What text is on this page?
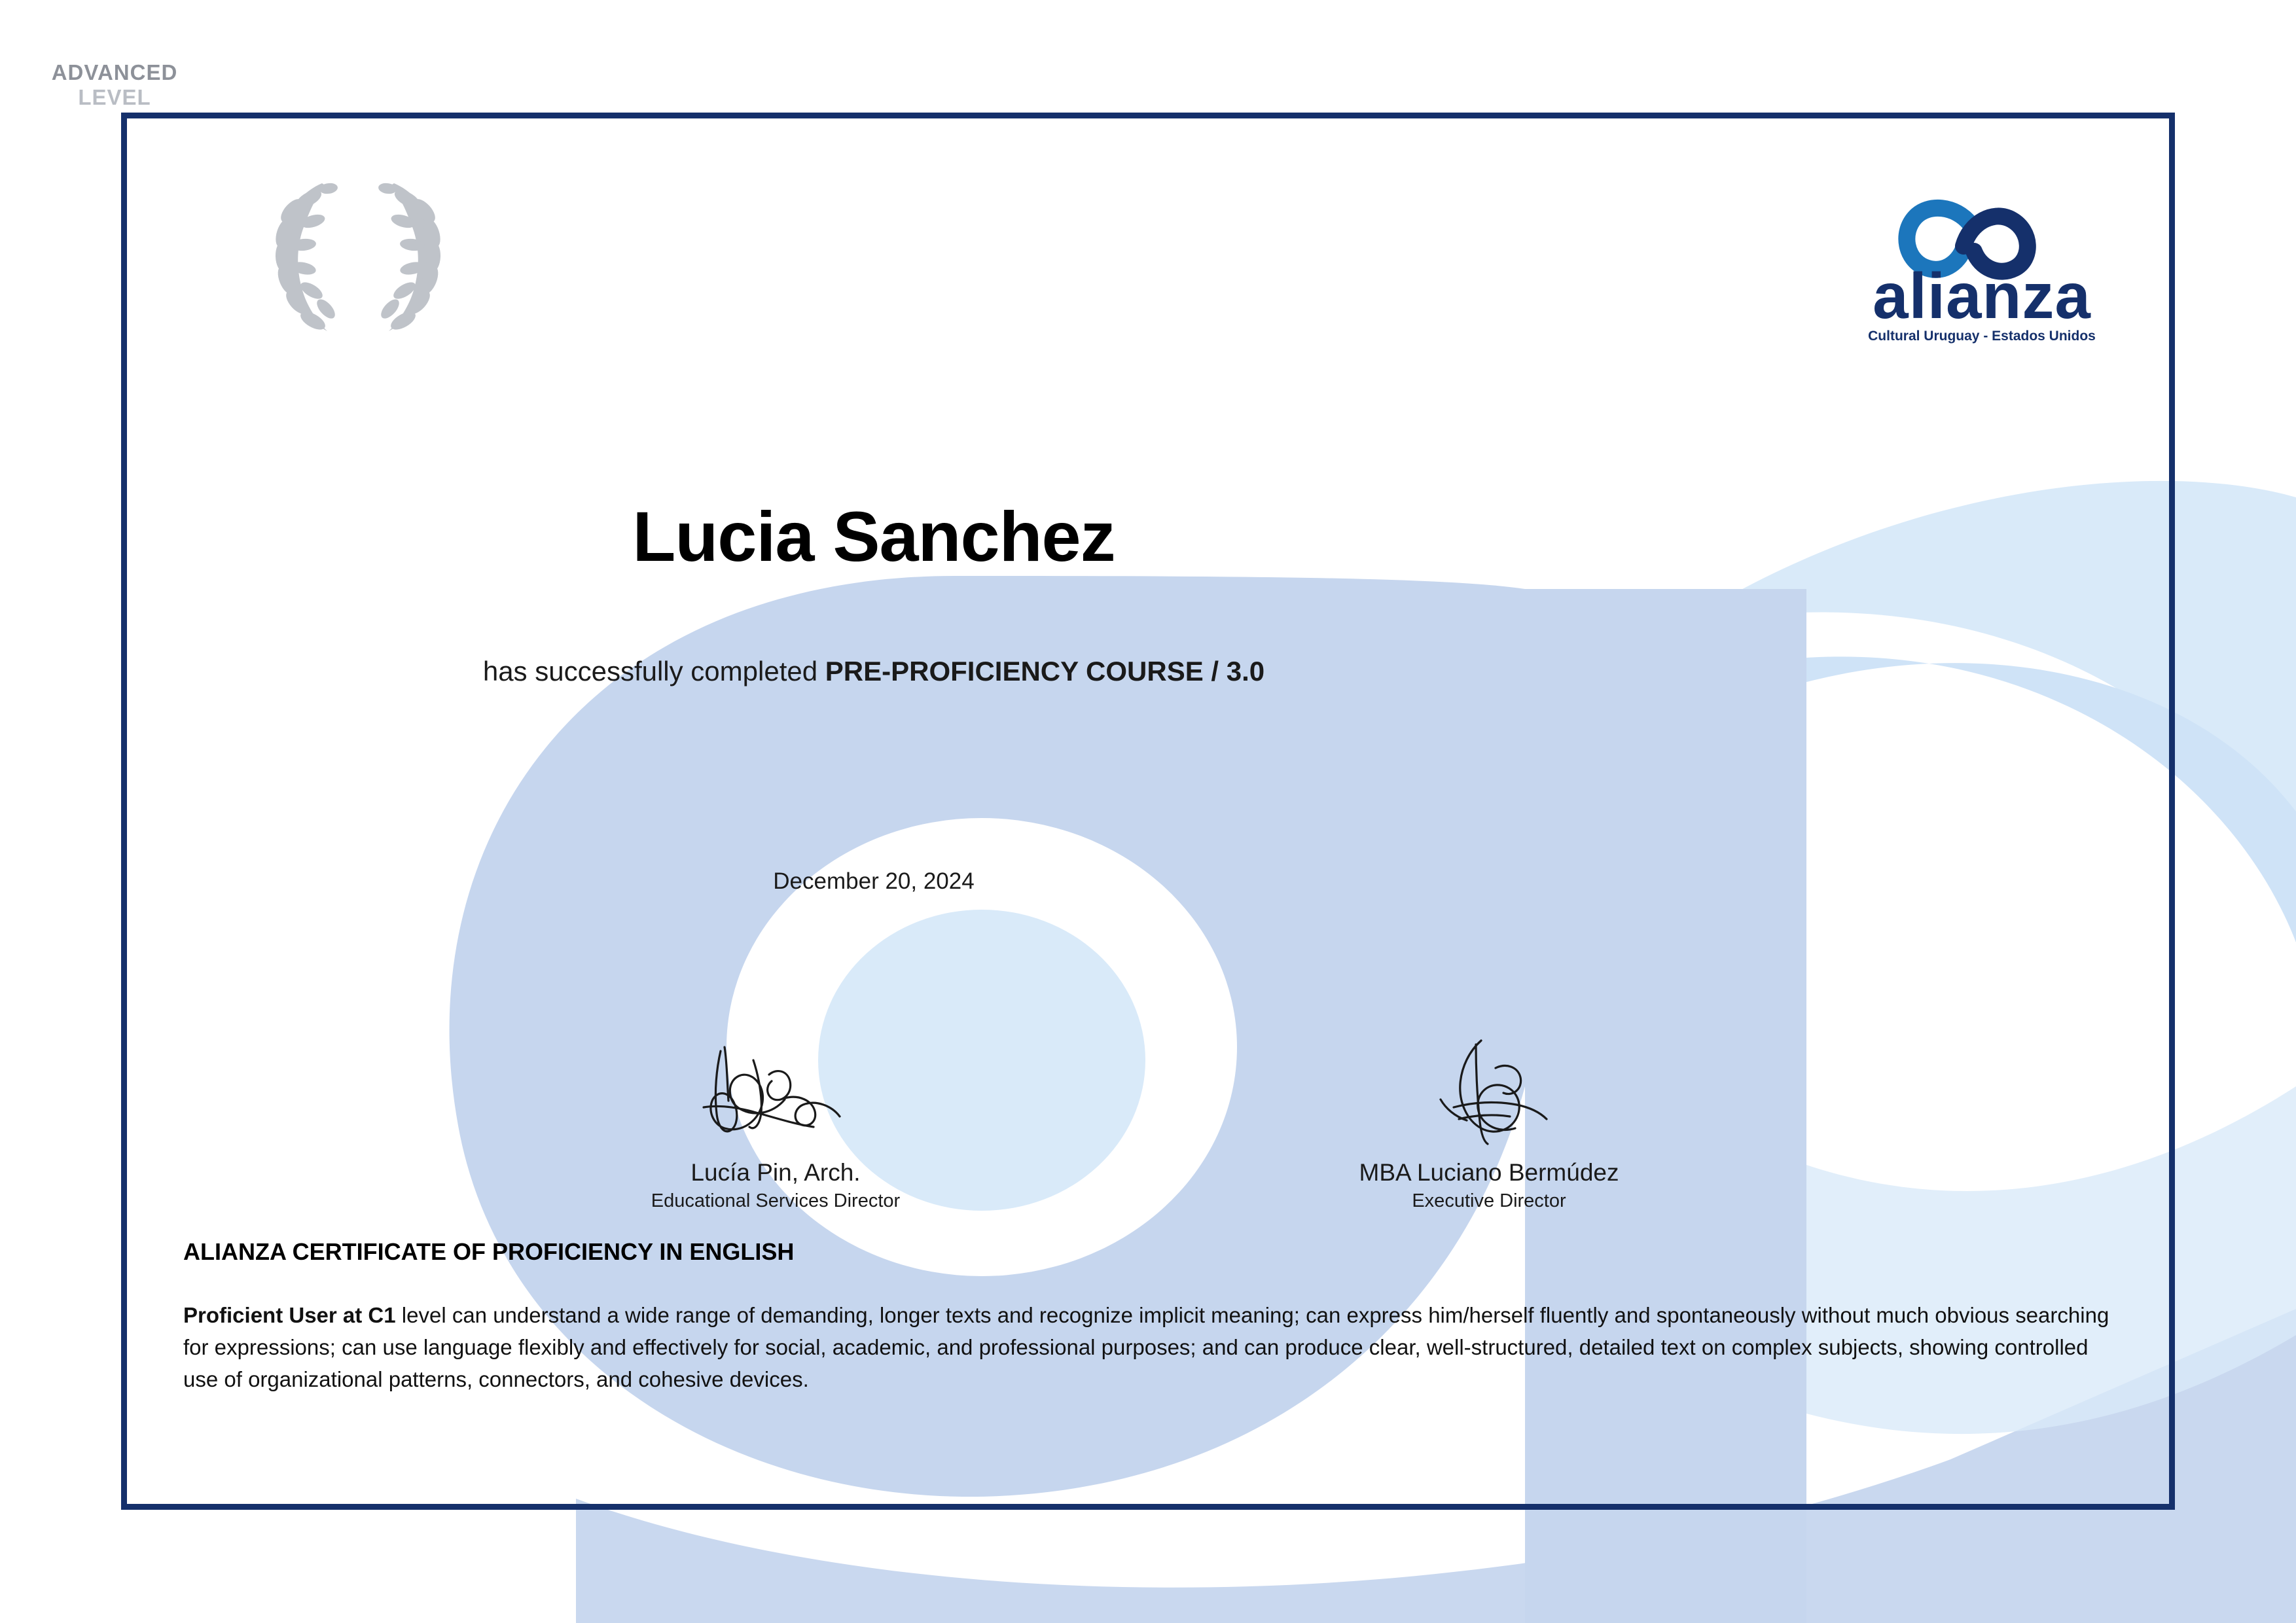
ADVANCED
LEVEL
alianza
Cultural Uruguay - Estados Unidos
Lucia Sanchez
has successfully completed PRE-PROFICIENCY COURSE / 3.0
December 20, 2024
Lucía Pin, Arch.
Educational Services Director
MBA Luciano Bermúdez
Executive Director
ALIANZA CERTIFICATE OF PROFICIENCY IN ENGLISH
Proficient User at C1 level can understand a wide range of demanding, longer texts and recognize implicit meaning; can express him/herself fluently and spontaneously without much obvious searching for expressions; can use language flexibly and effectively for social, academic, and professional purposes; and can produce clear, well-structured, detailed text on complex subjects, showing controlled use of organizational patterns, connectors, and cohesive devices.
